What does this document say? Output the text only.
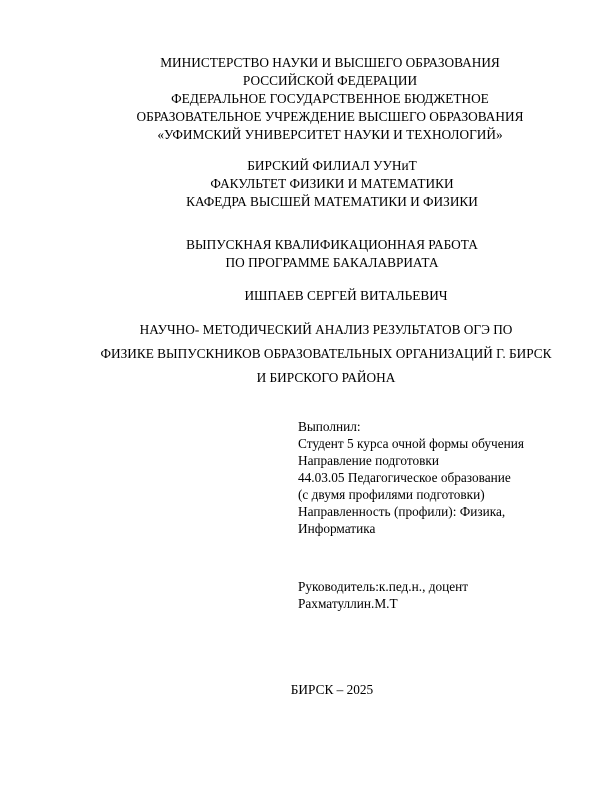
МИНИСТЕРСТВО НАУКИ И ВЫСШЕГО ОБРАЗОВАНИЯ
РОССИЙСКОЙ ФЕДЕРАЦИИ
ФЕДЕРАЛЬНОЕ ГОСУДАРСТВЕННОЕ БЮДЖЕТНОЕ
ОБРАЗОВАТЕЛЬНОЕ УЧРЕЖДЕНИЕ ВЫСШЕГО ОБРАЗОВАНИЯ
«УФИМСКИЙ УНИВЕРСИТЕТ НАУКИ И ТЕХНОЛОГИЙ»
БИРСКИЙ ФИЛИАЛ УУНиТ
ФАКУЛЬТЕТ ФИЗИКИ И МАТЕМАТИКИ
КАФЕДРА ВЫСШЕЙ МАТЕМАТИКИ И ФИЗИКИ
ВЫПУСКНАЯ КВАЛИФИКАЦИОННАЯ РАБОТА
ПО ПРОГРАММЕ БАКАЛАВРИАТА
ИШПАЕВ СЕРГЕЙ ВИТАЛЬЕВИЧ
НАУЧНО- МЕТОДИЧЕСКИЙ АНАЛИЗ РЕЗУЛЬТАТОВ ОГЭ ПО
ФИЗИКЕ ВЫПУСКНИКОВ ОБРАЗОВАТЕЛЬНЫХ ОРГАНИЗАЦИЙ Г. БИРСК
И БИРСКОГО РАЙОНА
Выполнил:
Студент 5 курса очной формы обучения
Направление подготовки
44.03.05 Педагогическое образование
(с двумя профилями подготовки)
Направленность (профили): Физика,
Информатика
Руководитель:к.пед.н., доцент
Рахматуллин.М.Т
БИРСК – 2025
